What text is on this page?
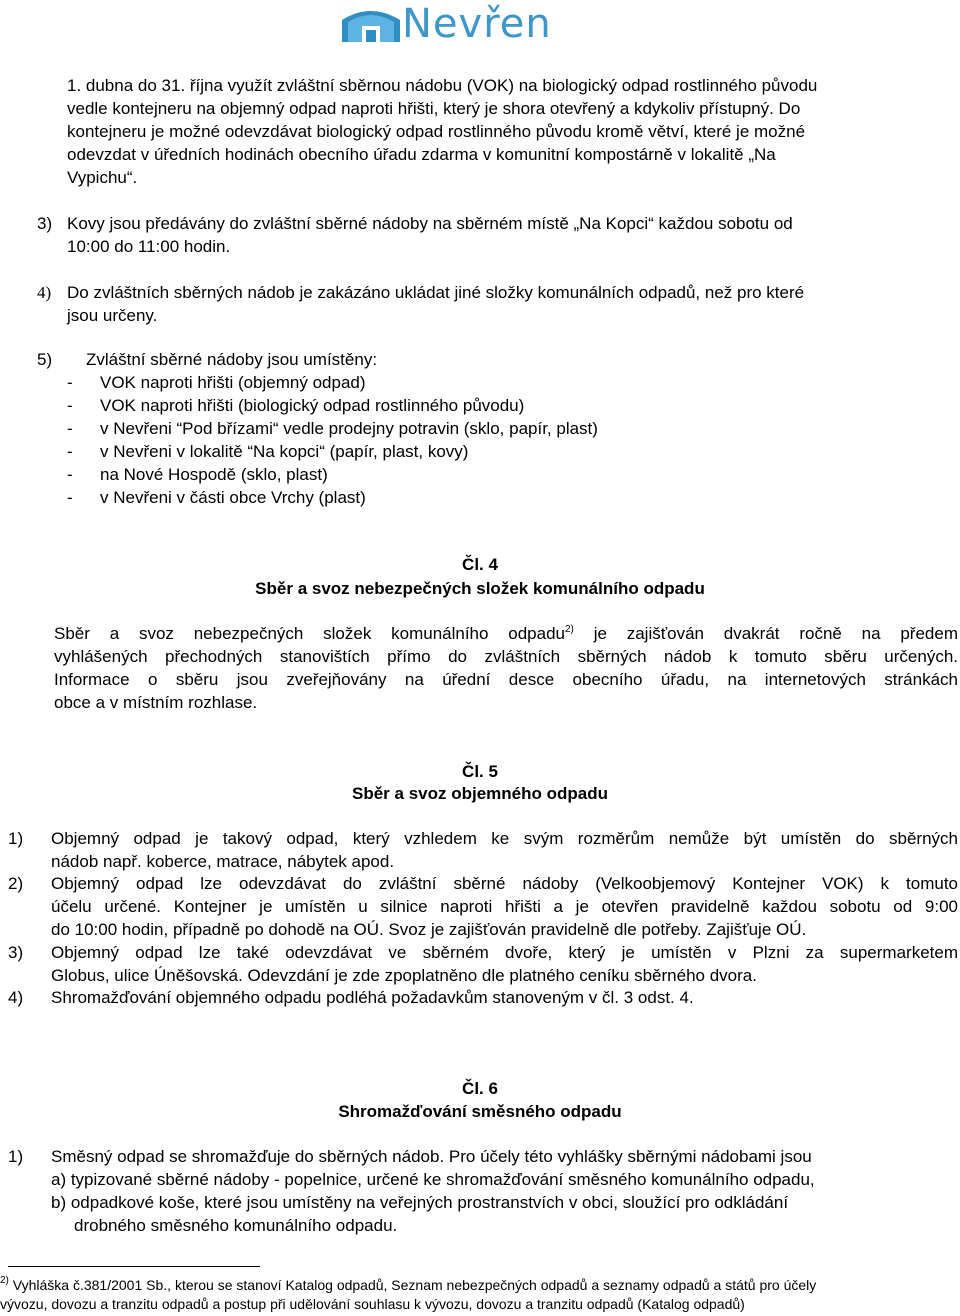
Nevřen
1. dubna do 31. října využít zvláštní sběrnou nádobu (VOK) na biologický odpad rostlinného původu
vedle kontejneru na objemný odpad naproti hřišti, který je shora otevřený a kdykoliv přístupný. Do
kontejneru je možné odevzdávat biologický odpad rostlinného původu kromě větví, které je možné
odevzdat v úředních hodinách obecního úřadu zdarma v komunitní kompostárně v lokalitě „Na
Vypichu“.
3) Kovy jsou předávány do zvláštní sběrné nádoby na sběrném místě „Na Kopci“ každou sobotu od
10:00 do 11:00 hodin.
4) Do zvláštních sběrných nádob je zakázáno ukládat jiné složky komunálních odpadů, než pro které
jsou určeny.
5) Zvláštní sběrné nádoby jsou umístěny:
- VOK naproti hřišti (objemný odpad)
- VOK naproti hřišti (biologický odpad rostlinného původu)
- v Nevřeni “Pod břízami“ vedle prodejny potravin (sklo, papír, plast)
- v Nevřeni v lokalitě “Na kopci“ (papír, plast, kovy)
- na Nové Hospodě (sklo, plast)
- v Nevřeni v části obce Vrchy (plast)
Čl. 4
Sběr a svoz nebezpečných složek komunálního odpadu
Sběr a svoz nebezpečných složek komunálního odpadu$^{2)}$ je zajišťován dvakrát ročně na předem
vyhlášených přechodných stanovištích přímo do zvláštních sběrných nádob k tomuto sběru určených.
Informace o sběru jsou zveřejňovány na úřední desce obecního úřadu, na internetových stránkách
obce a v místním rozhlase.
Čl. 5
Sběr a svoz objemného odpadu
1) Objemný odpad je takový odpad, který vzhledem ke svým rozměrům nemůže být umístěn do sběrných
nádob např. koberce, matrace, nábytek apod.
2) Objemný odpad lze odevzdávat do zvláštní sběrné nádoby (Velkoobjemový Kontejner VOK) k tomuto
účelu určené. Kontejner je umístěn u silnice naproti hřišti a je otevřen pravidelně každou sobotu od 9:00
do 10:00 hodin, případně po dohodě na OÚ. Svoz je zajišťován pravidelně dle potřeby. Zajišťuje OÚ.
3) Objemný odpad lze také odevzdávat ve sběrném dvoře, který je umístěn v Plzni za supermarketem
Globus, ulice Úněšovská. Odevzdání je zde zpoplatněno dle platného ceníku sběrného dvora.
4) Shromažďování objemného odpadu podléhá požadavkům stanoveným v čl. 3 odst. 4.
Čl. 6
Shromažďování směsného odpadu
1) Směsný odpad se shromažďuje do sběrných nádob. Pro účely této vyhlášky sběrnými nádobami jsou
a) typizované sběrné nádoby - popelnice, určené ke shromažďování směsného komunálního odpadu,
b) odpadkové koše, které jsou umístěny na veřejných prostranstvích v obci, sloužící pro odkládání
drobného směsného komunálního odpadu.
$^{2)}$ Vyhláška č.381/2001 Sb., kterou se stanoví Katalog odpadů, Seznam nebezpečných odpadů a seznamy odpadů a států pro účely
vývozu, dovozu a tranzitu odpadů a postup při udělování souhlasu k vývozu, dovozu a tranzitu odpadů (Katalog odpadů)
